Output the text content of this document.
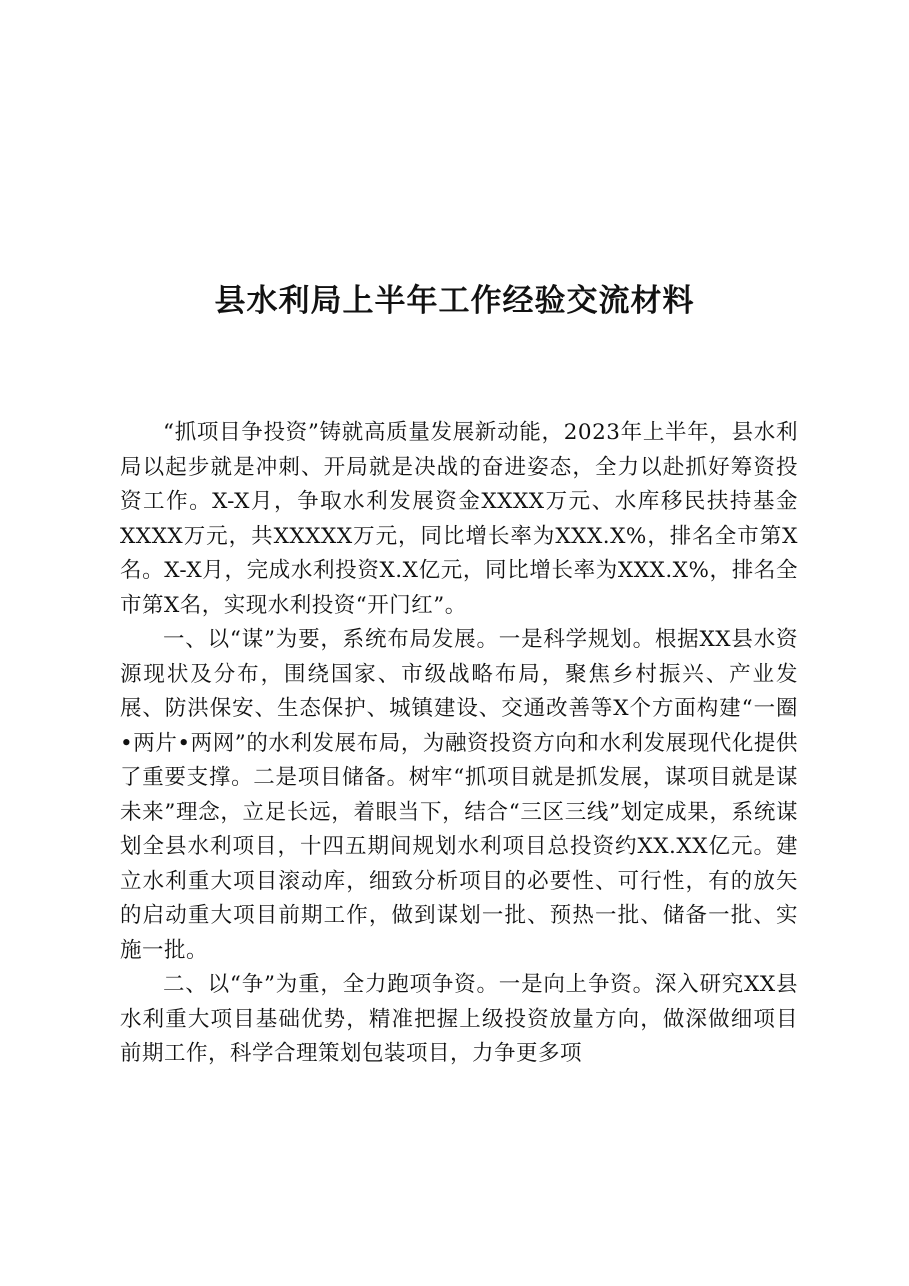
县水利局上半年工作经验交流材料

“抓项目争投资”铸就高质量发展新动能，2023年上半年，县水利局以起步就是冲刺、开局就是决战的奋进姿态，全力以赴抓好筹资投资工作。X-X月，争取水利发展资金XXXX万元、水库移民扶持基金XXXX万元，共XXXXX万元，同比增长率为XXX.X%，排名全市第X名。X-X月，完成水利投资X.X亿元，同比增长率为XXX.X%，排名全市第X名，实现水利投资“开门红”。

一、以“谋”为要，系统布局发展。一是科学规划。根据XX县水资源现状及分布，围绕国家、市级战略布局，聚焦乡村振兴、产业发展、防洪保安、生态保护、城镇建设、交通改善等X个方面构建“一圈•两片•两网”的水利发展布局，为融资投资方向和水利发展现代化提供了重要支撑。二是项目储备。树牢“抓项目就是抓发展，谋项目就是谋未来”理念，立足长远，着眼当下，结合“三区三线”划定成果，系统谋划全县水利项目，十四五期间规划水利项目总投资约XX.XX亿元。建立水利重大项目滚动库，细致分析项目的必要性、可行性，有的放矢的启动重大项目前期工作，做到谋划一批、预热一批、储备一批、实施一批。

二、以“争”为重，全力跑项争资。一是向上争资。深入研究XX县水利重大项目基础优势，精准把握上级投资放量方向，做深做细项目前期工作，科学合理策划包装项目，力争更多项
